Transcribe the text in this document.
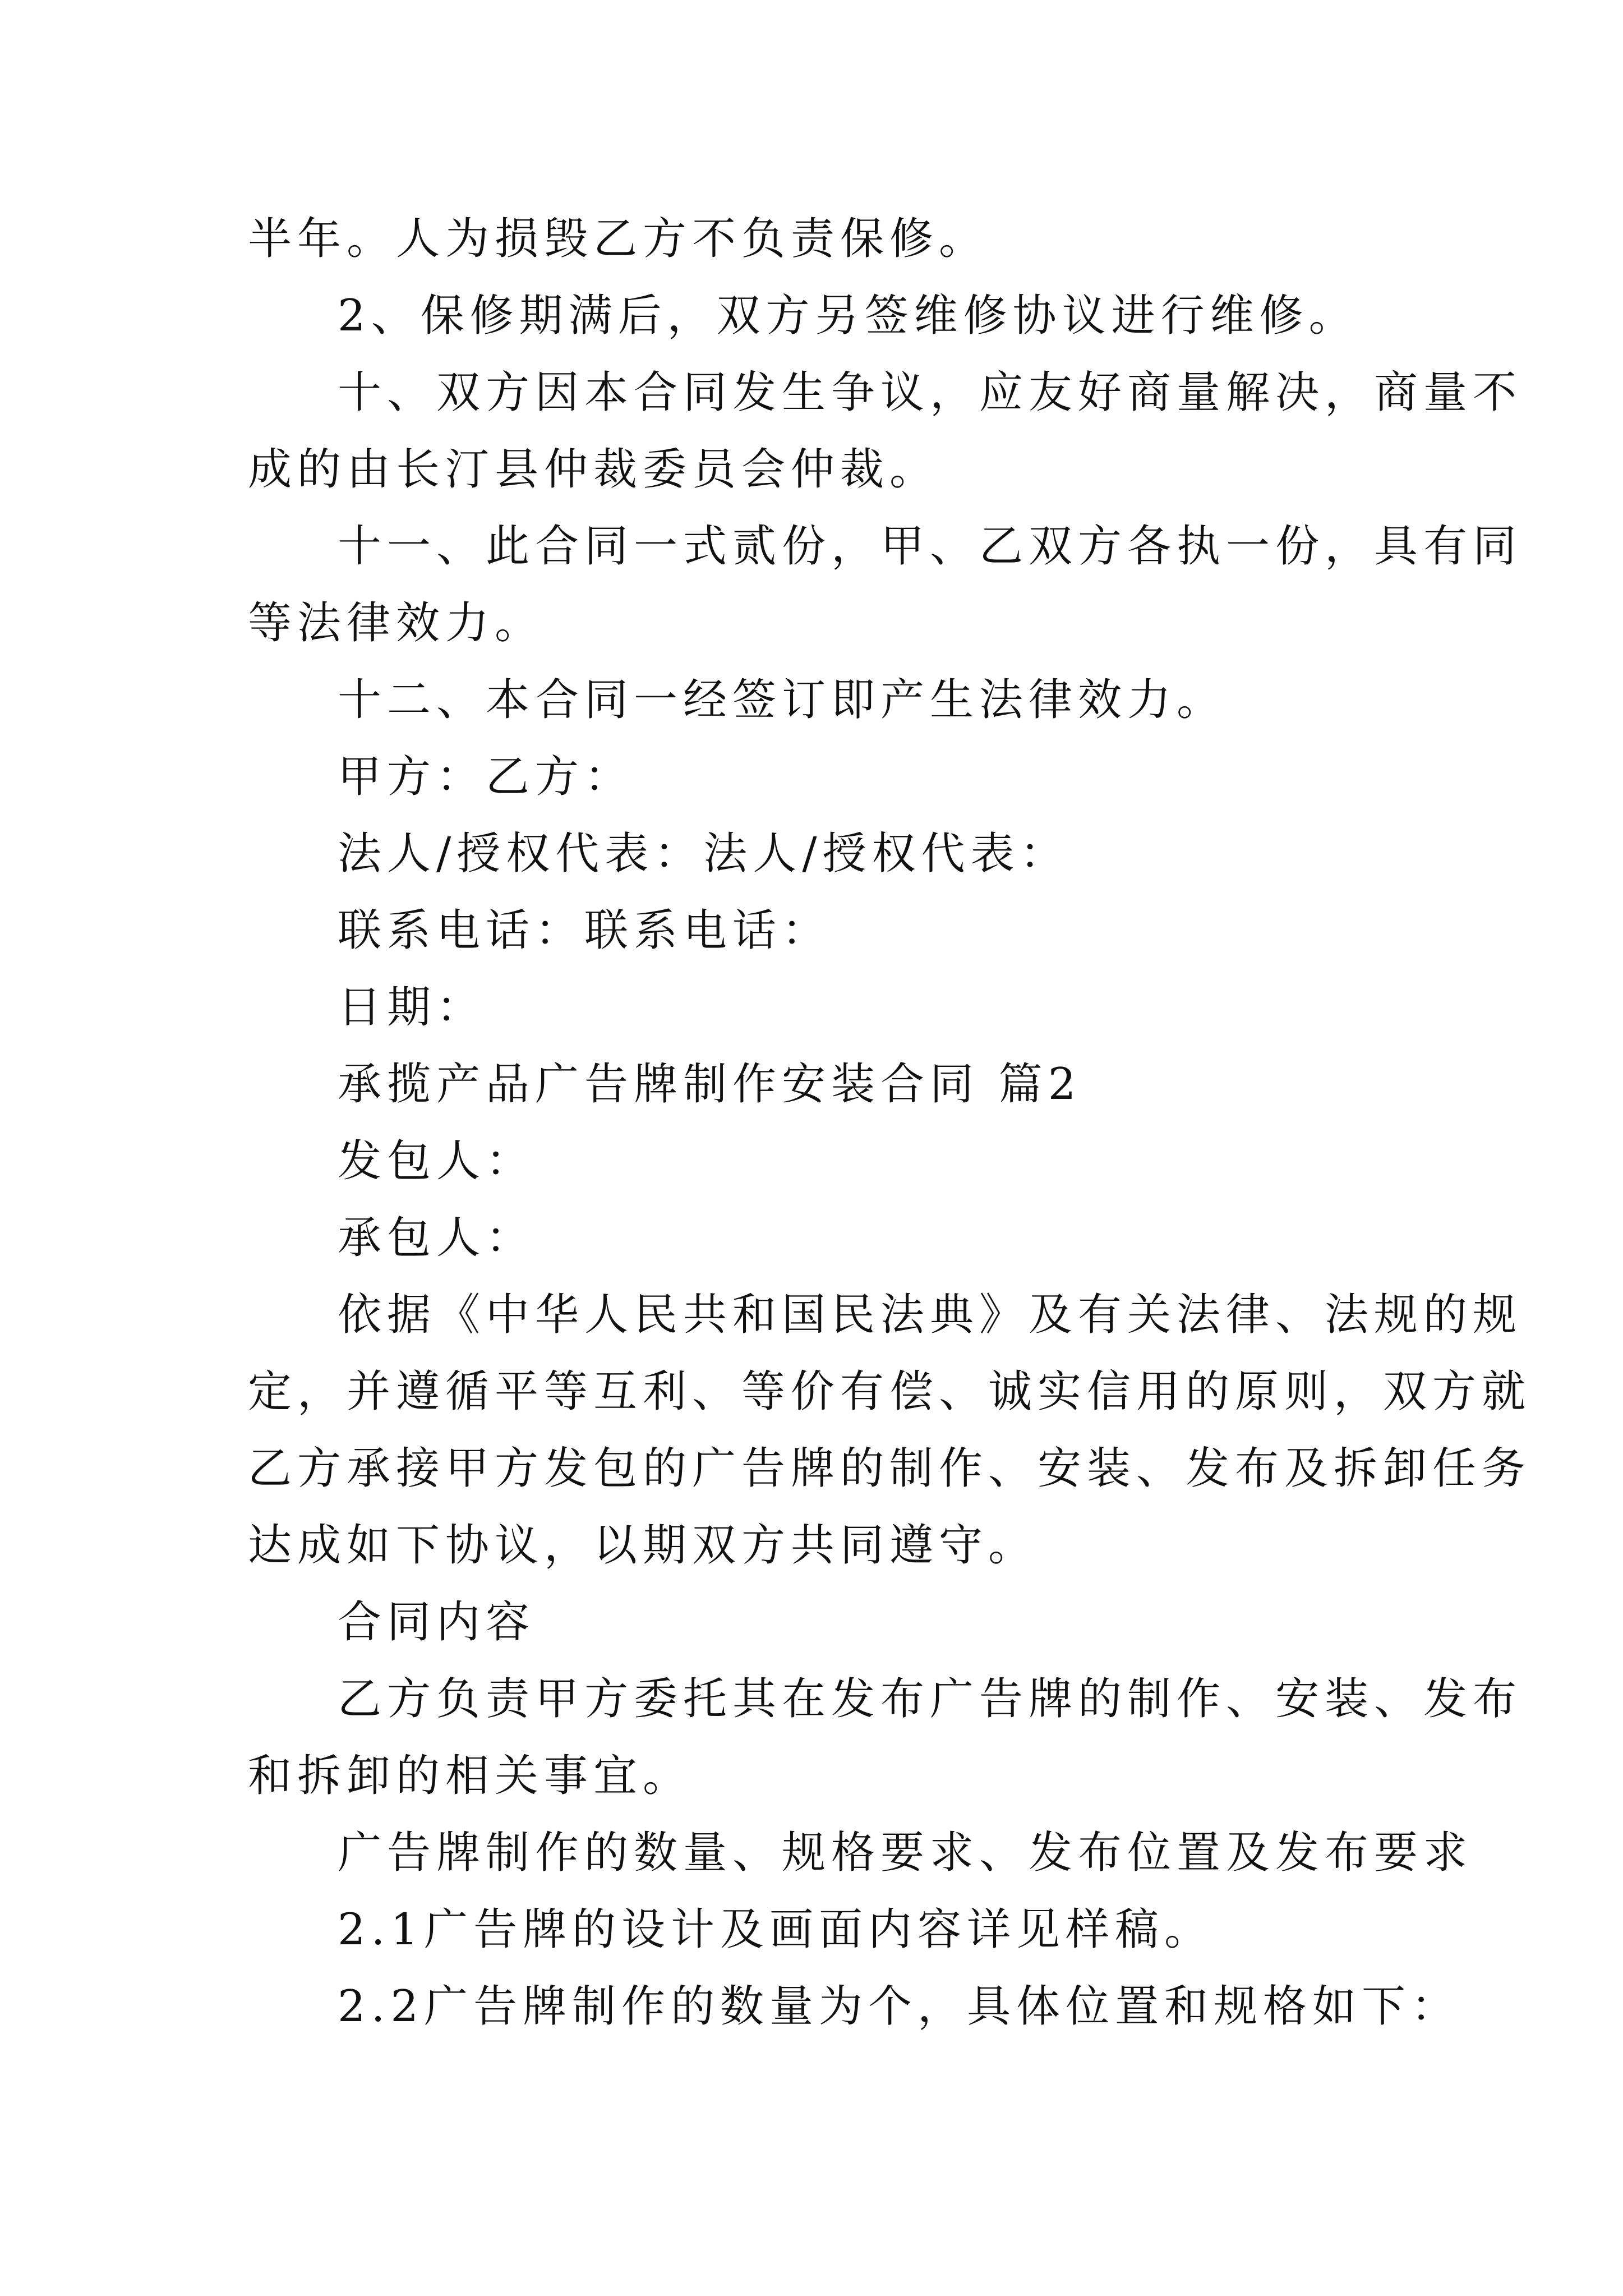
半年。人为损毁乙方不负责保修。
2、保修期满后，双方另签维修协议进行维修。
十、双方因本合同发生争议，应友好商量解决，商量不
成的由长汀县仲裁委员会仲裁。
十一、此合同一式贰份，甲、乙双方各执一份，具有同
等法律效力。
十二、本合同一经签订即产生法律效力。
甲方：乙方：
法人/授权代表：法人/授权代表：
联系电话：联系电话：
日期：
承揽产品广告牌制作安装合同 篇2
发包人：
承包人：
依据《中华人民共和国民法典》及有关法律、法规的规
定，并遵循平等互利、等价有偿、诚实信用的原则，双方就
乙方承接甲方发包的广告牌的制作、安装、发布及拆卸任务
达成如下协议，以期双方共同遵守。
合同内容
乙方负责甲方委托其在发布广告牌的制作、安装、发布
和拆卸的相关事宜。
广告牌制作的数量、规格要求、发布位置及发布要求
2.1广告牌的设计及画面内容详见样稿。
2.2广告牌制作的数量为个，具体位置和规格如下：
